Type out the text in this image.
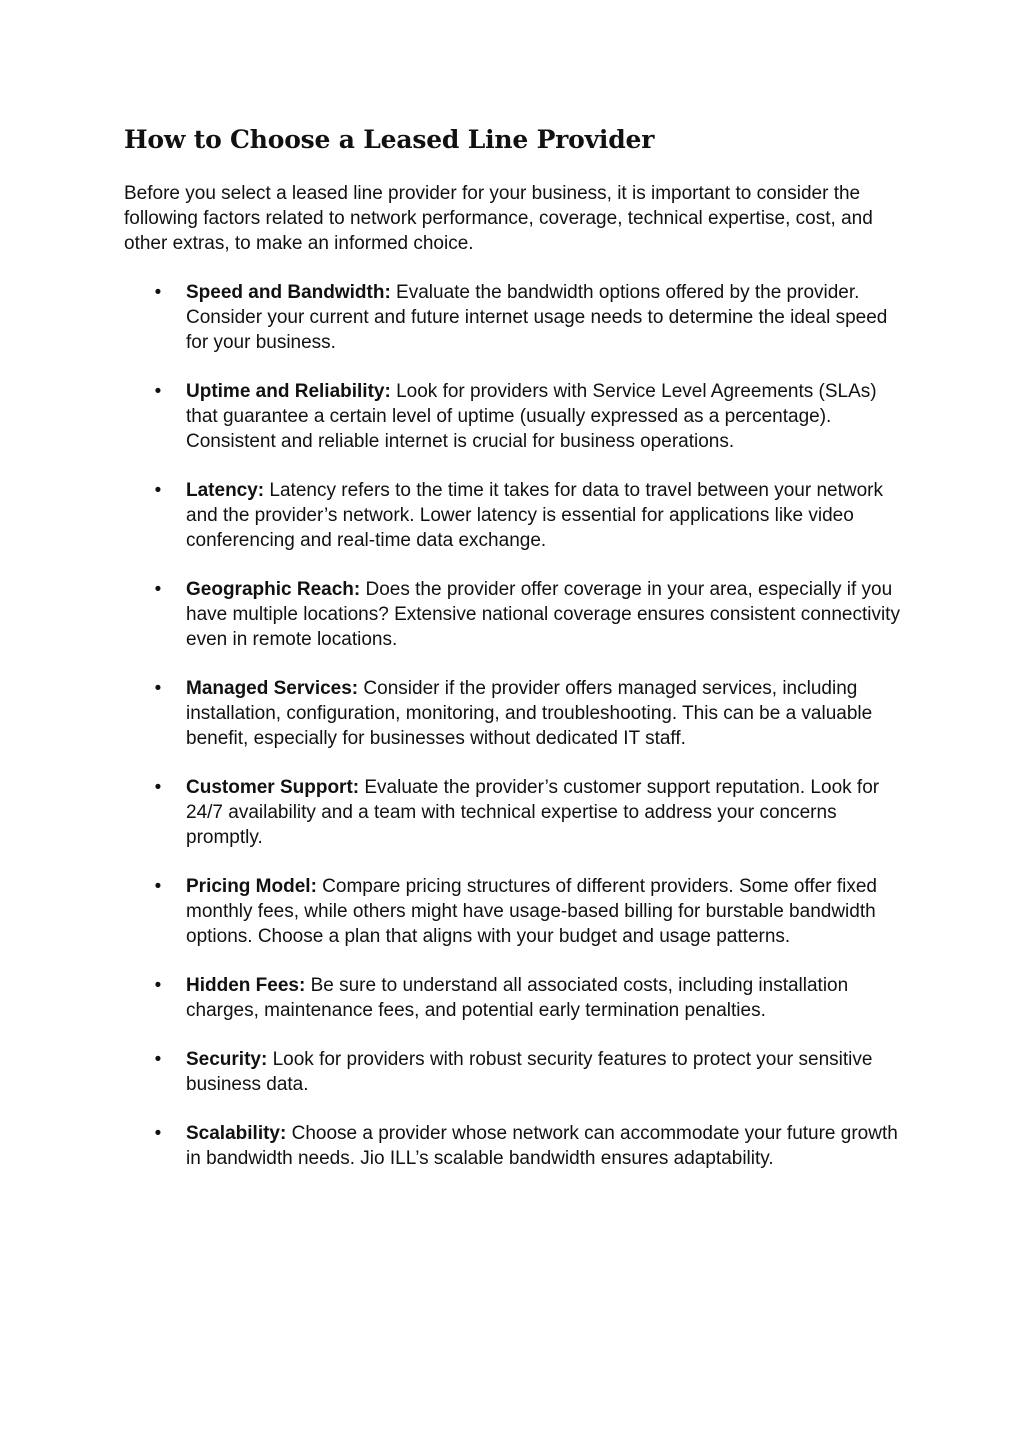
How to Choose a Leased Line Provider

Before you select a leased line provider for your business, it is important to consider the following factors related to network performance, coverage, technical expertise, cost, and other extras, to make an informed choice.

• Speed and Bandwidth: Evaluate the bandwidth options offered by the provider. Consider your current and future internet usage needs to determine the ideal speed for your business.
• Uptime and Reliability: Look for providers with Service Level Agreements (SLAs) that guarantee a certain level of uptime (usually expressed as a percentage). Consistent and reliable internet is crucial for business operations.
• Latency: Latency refers to the time it takes for data to travel between your network and the provider’s network. Lower latency is essential for applications like video conferencing and real-time data exchange.
• Geographic Reach: Does the provider offer coverage in your area, especially if you have multiple locations? Extensive national coverage ensures consistent connectivity even in remote locations.
• Managed Services: Consider if the provider offers managed services, including installation, configuration, monitoring, and troubleshooting. This can be a valuable benefit, especially for businesses without dedicated IT staff.
• Customer Support: Evaluate the provider’s customer support reputation. Look for 24/7 availability and a team with technical expertise to address your concerns promptly.
• Pricing Model: Compare pricing structures of different providers. Some offer fixed monthly fees, while others might have usage-based billing for burstable bandwidth options. Choose a plan that aligns with your budget and usage patterns.
• Hidden Fees: Be sure to understand all associated costs, including installation charges, maintenance fees, and potential early termination penalties.
• Security: Look for providers with robust security features to protect your sensitive business data.
• Scalability: Choose a provider whose network can accommodate your future growth in bandwidth needs. Jio ILL’s scalable bandwidth ensures adaptability.
